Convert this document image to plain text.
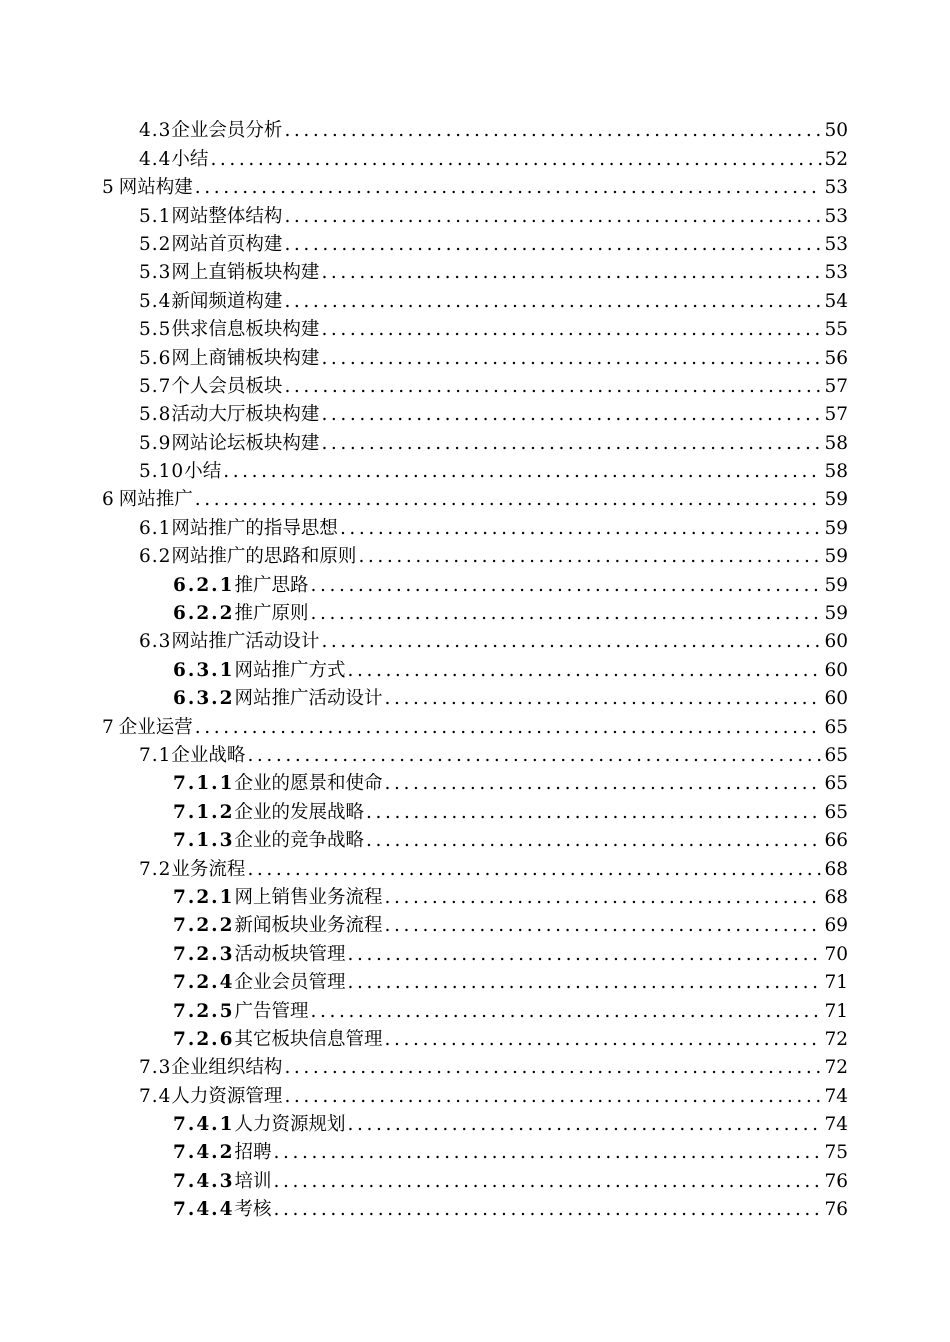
4.3 企业会员分析 .....	50
4.4 小结 .....	52
5 网站构建 .....	53
5.1 网站整体结构 .....	53
5.2 网站首页构建 .....	53
5.3 网上直销板块构建 .....	53
5.4 新闻频道构建 .....	54
5.5 供求信息板块构建 .....	55
5.6 网上商铺板块构建 .....	56
5.7 个人会员板块 .....	57
5.8 活动大厅板块构建 .....	57
5.9 网站论坛板块构建 .....	58
5.10 小结 .....	58
6 网站推广 .....	59
6.1 网站推广的指导思想 .....	59
6.2 网站推广的思路和原则 .....	59
6.2.1 推广思路 .....	59
6.2.2 推广原则 .....	59
6.3 网站推广活动设计 .....	60
6.3.1 网站推广方式 .....	60
6.3.2 网站推广活动设计 .....	60
7 企业运营 .....	65
7.1 企业战略 .....	65
7.1.1 企业的愿景和使命 .....	65
7.1.2 企业的发展战略 .....	65
7.1.3 企业的竞争战略 .....	66
7.2 业务流程 .....	68
7.2.1 网上销售业务流程 .....	68
7.2.2 新闻板块业务流程 .....	69
7.2.3 活动板块管理 .....	70
7.2.4 企业会员管理 .....	71
7.2.5 广告管理 .....	71
7.2.6 其它板块信息管理 .....	72
7.3 企业组织结构 .....	72
7.4 人力资源管理 .....	74
7.4.1 人力资源规划 .....	74
7.4.2 招聘 .....	75
7.4.3 培训 .....	76
7.4.4 考核 .....	76
